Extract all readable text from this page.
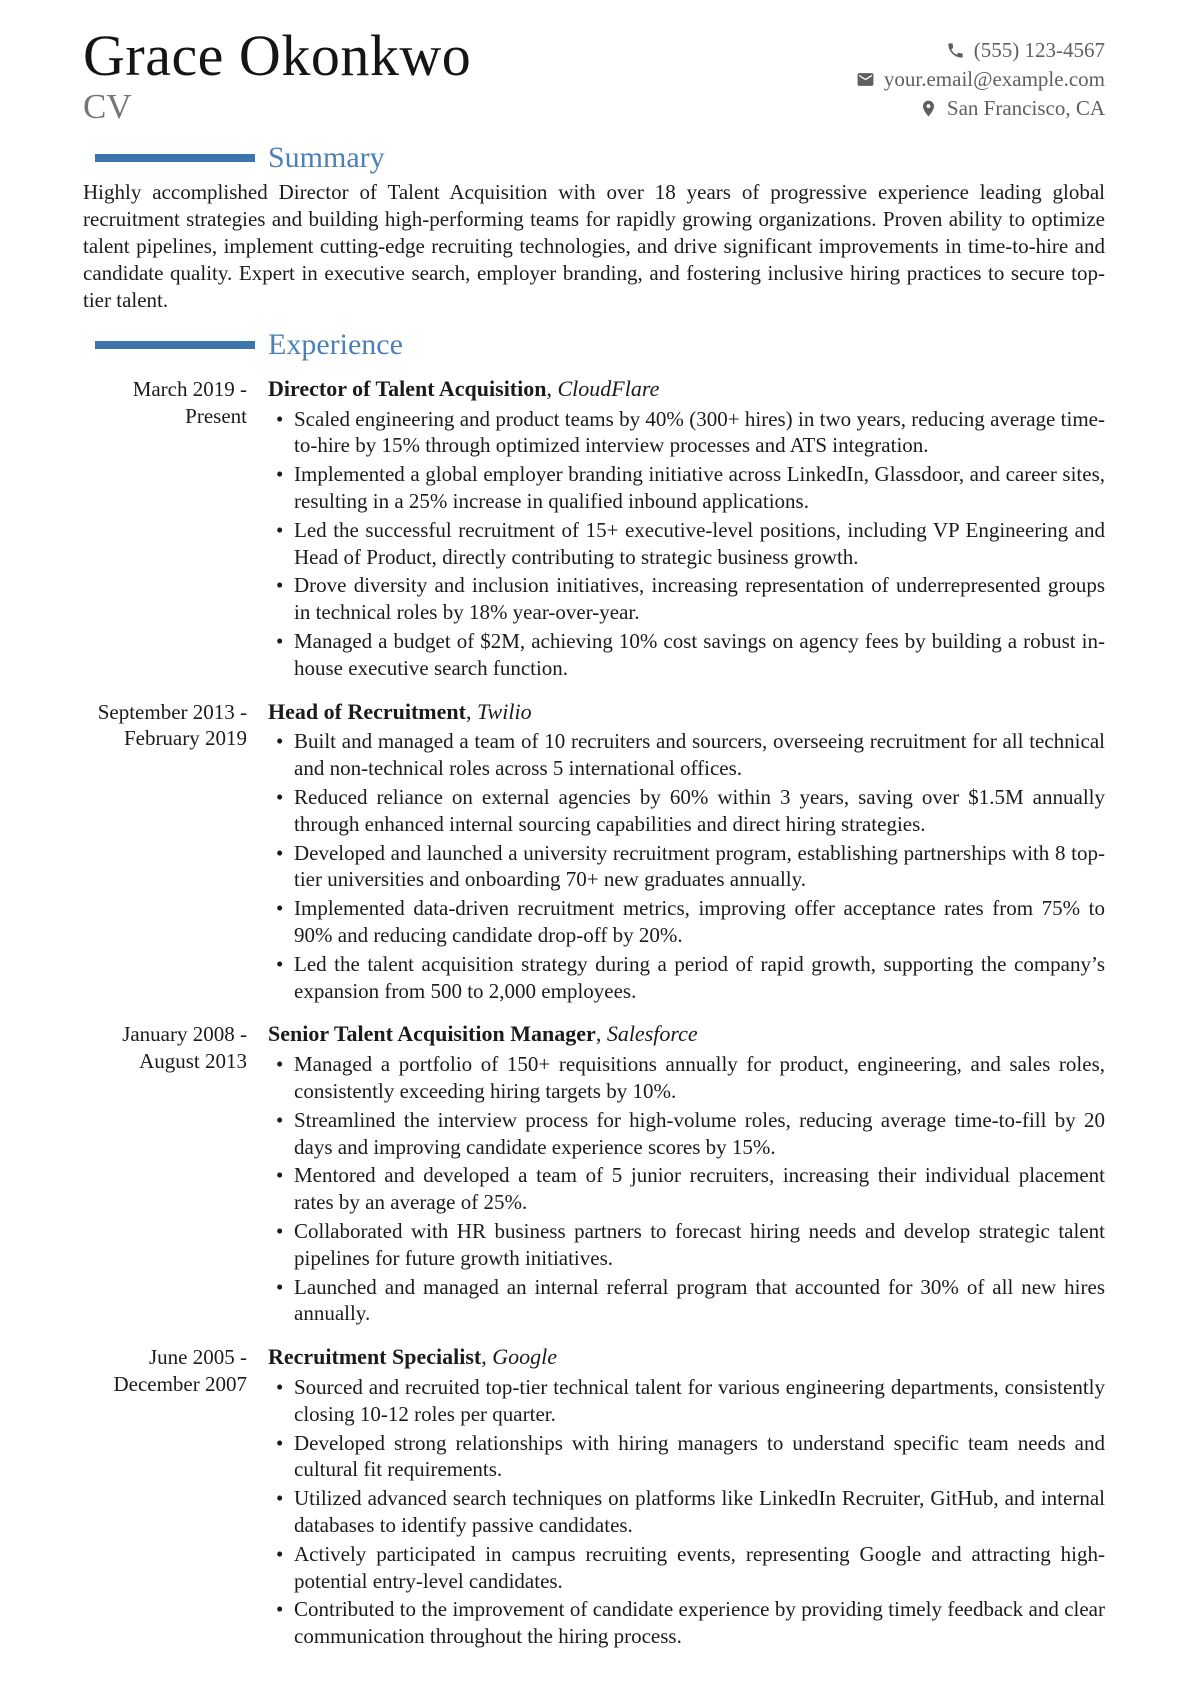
Grace Okonkwo
CV
(555) 123-4567
your.email@example.com
San Francisco, CA
Summary

Highly accomplished Director of Talent Acquisition with over 18 years of progressive experience leading global recruitment strategies and building high-performing teams for rapidly growing organizations. Proven ability to optimize talent pipelines, implement cutting-edge recruiting technologies, and drive significant improvements in time-to-hire and candidate quality. Expert in executive search, employer branding, and fostering inclusive hiring practices to secure top-tier talent.

Experience
March 2019 - Present
Director of Talent Acquisition, CloudFlare
• Scaled engineering and product teams by 40% (300+ hires) in two years, reducing average time-to-hire by 15% through optimized interview processes and ATS integration.
• Implemented a global employer branding initiative across LinkedIn, Glassdoor, and career sites, resulting in a 25% increase in qualified inbound applications.
• Led the successful recruitment of 15+ executive-level positions, including VP Engineering and Head of Product, directly contributing to strategic business growth.
• Drove diversity and inclusion initiatives, increasing representation of underrepresented groups in technical roles by 18% year-over-year.
• Managed a budget of $2M, achieving 10% cost savings on agency fees by building a robust in-house executive search function.
September 2013 - February 2019
Head of Recruitment, Twilio
• Built and managed a team of 10 recruiters and sourcers, overseeing recruitment for all technical and non-technical roles across 5 international offices.
• Reduced reliance on external agencies by 60% within 3 years, saving over $1.5M annually through enhanced internal sourcing capabilities and direct hiring strategies.
• Developed and launched a university recruitment program, establishing partnerships with 8 top-tier universities and onboarding 70+ new graduates annually.
• Implemented data-driven recruitment metrics, improving offer acceptance rates from 75% to 90% and reducing candidate drop-off by 20%.
• Led the talent acquisition strategy during a period of rapid growth, supporting the company’s expansion from 500 to 2,000 employees.
January 2008 - August 2013
Senior Talent Acquisition Manager, Salesforce
• Managed a portfolio of 150+ requisitions annually for product, engineering, and sales roles, consistently exceeding hiring targets by 10%.
• Streamlined the interview process for high-volume roles, reducing average time-to-fill by 20 days and improving candidate experience scores by 15%.
• Mentored and developed a team of 5 junior recruiters, increasing their individual placement rates by an average of 25%.
• Collaborated with HR business partners to forecast hiring needs and develop strategic talent pipelines for future growth initiatives.
• Launched and managed an internal referral program that accounted for 30% of all new hires annually.
June 2005 - December 2007
Recruitment Specialist, Google
• Sourced and recruited top-tier technical talent for various engineering departments, consistently closing 10-12 roles per quarter.
• Developed strong relationships with hiring managers to understand specific team needs and cultural fit requirements.
• Utilized advanced search techniques on platforms like LinkedIn Recruiter, GitHub, and internal databases to identify passive candidates.
• Actively participated in campus recruiting events, representing Google and attracting high-potential entry-level candidates.
• Contributed to the improvement of candidate experience by providing timely feedback and clear communication throughout the hiring process.
